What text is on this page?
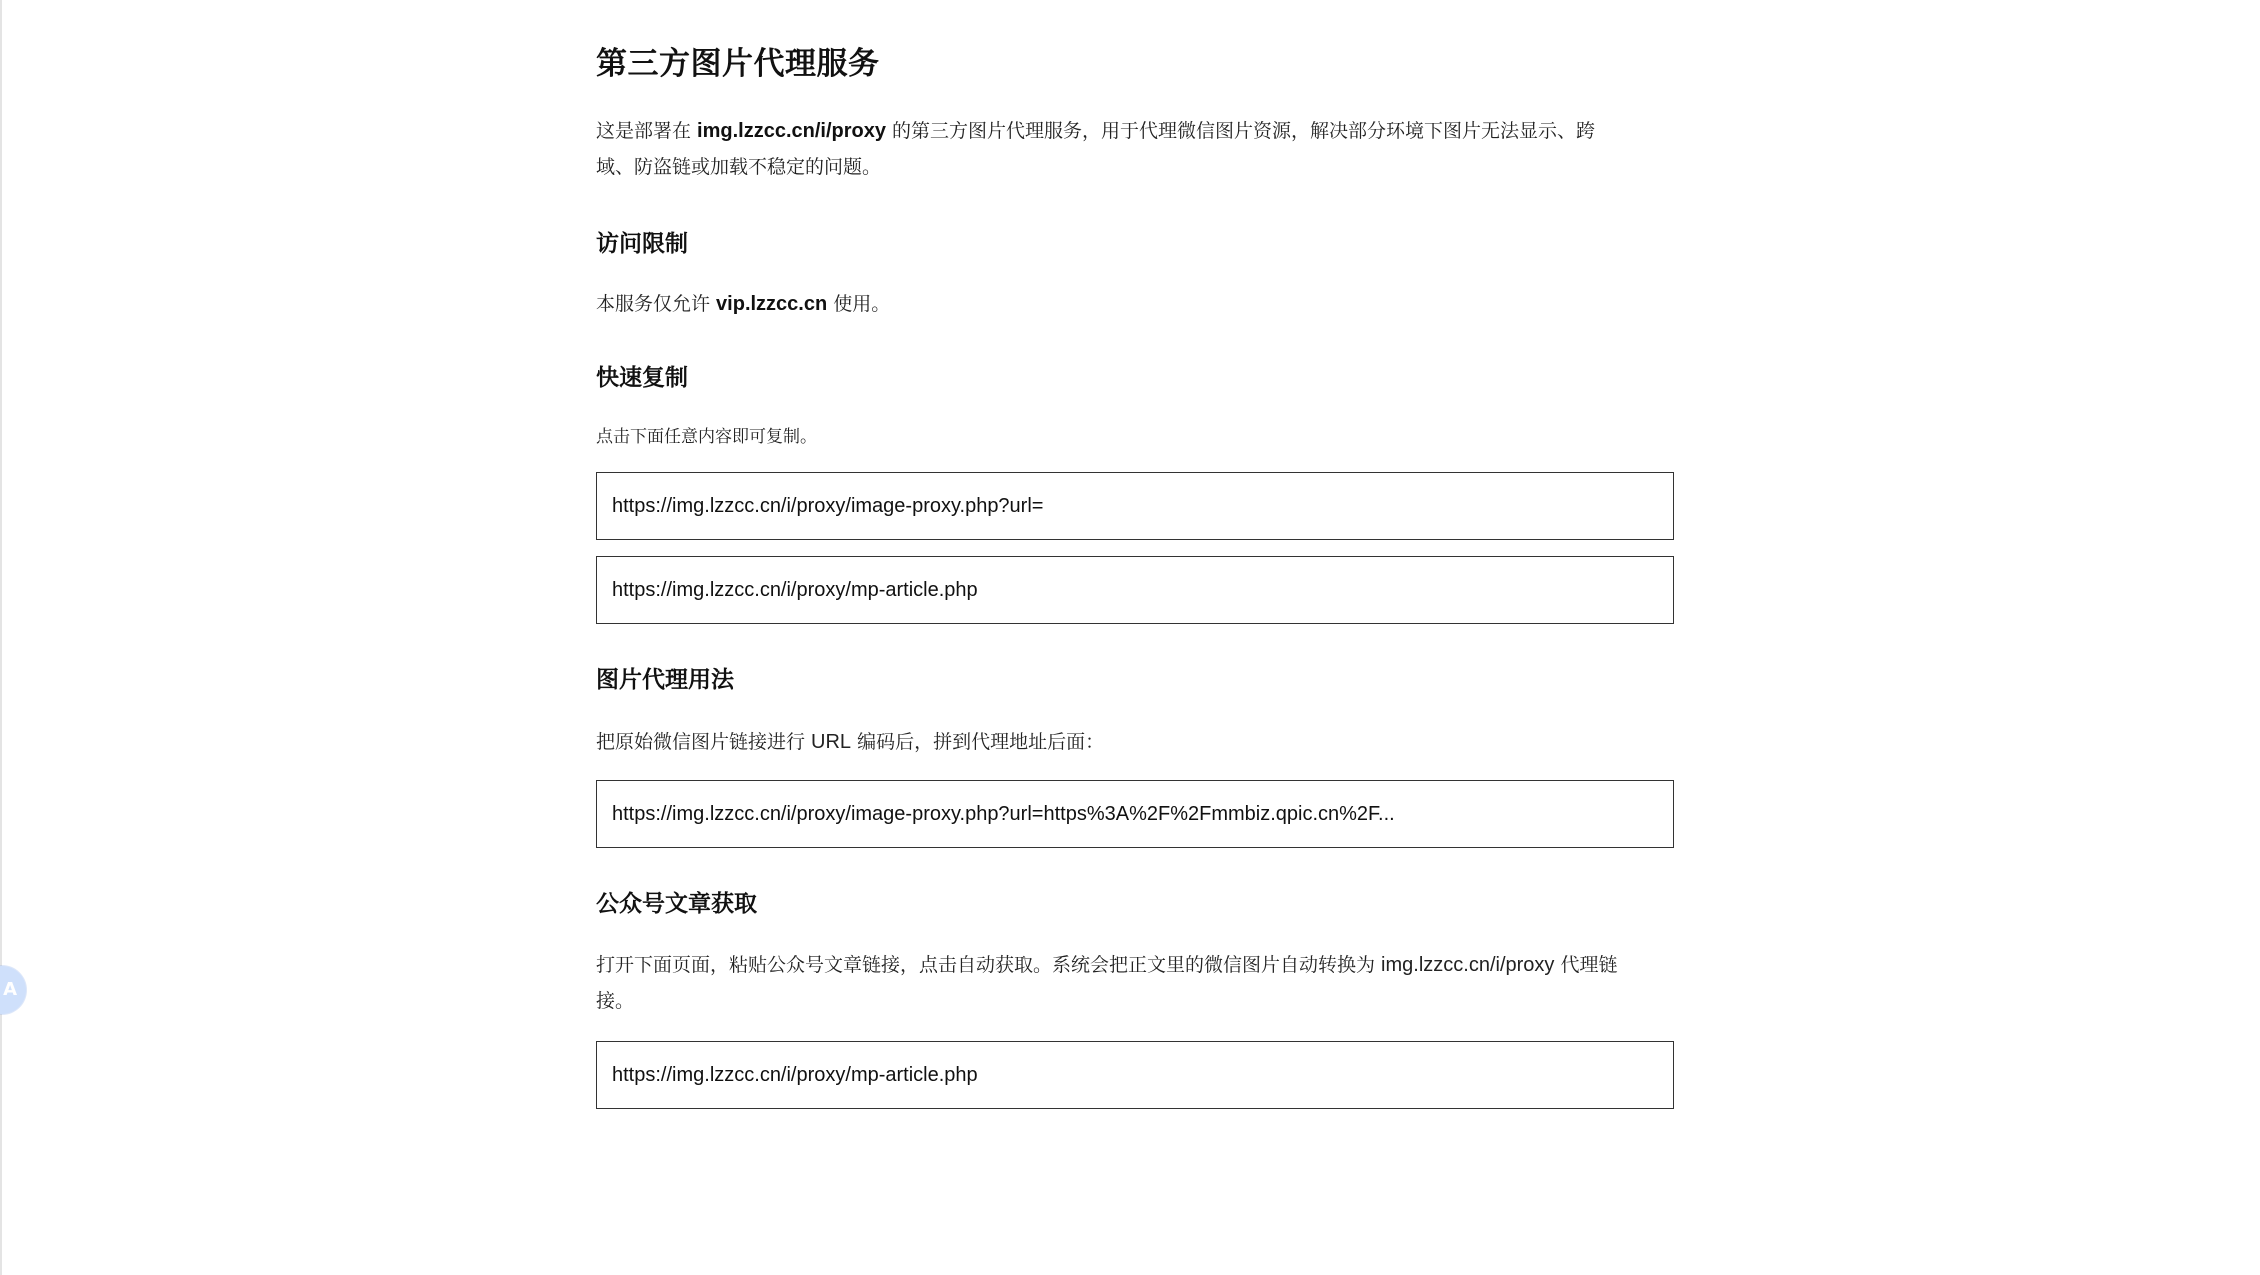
A
第三方图片代理服务

这是部署在 img.lzzcc.cn/i/proxy 的第三方图片代理服务，用于代理微信图片资源，解决部分环境下图片无法显示、跨
域、防盗链或加载不稳定的问题。

访问限制

本服务仅允许 vip.lzzcc.cn 使用。

快速复制

点击下面任意内容即可复制。

https://img.lzzcc.cn/i/proxy/image-proxy.php?url=
https://img.lzzcc.cn/i/proxy/mp-article.php
图片代理用法

把原始微信图片链接进行 URL 编码后，拼到代理地址后面：

https://img.lzzcc.cn/i/proxy/image-proxy.php?url=https%3A%2F%2Fmmbiz.qpic.cn%2F...
公众号文章获取

打开下面页面，粘贴公众号文章链接，点击自动获取。系统会把正文里的微信图片自动转换为 img.lzzcc.cn/i/proxy 代理链
接。

https://img.lzzcc.cn/i/proxy/mp-article.php
